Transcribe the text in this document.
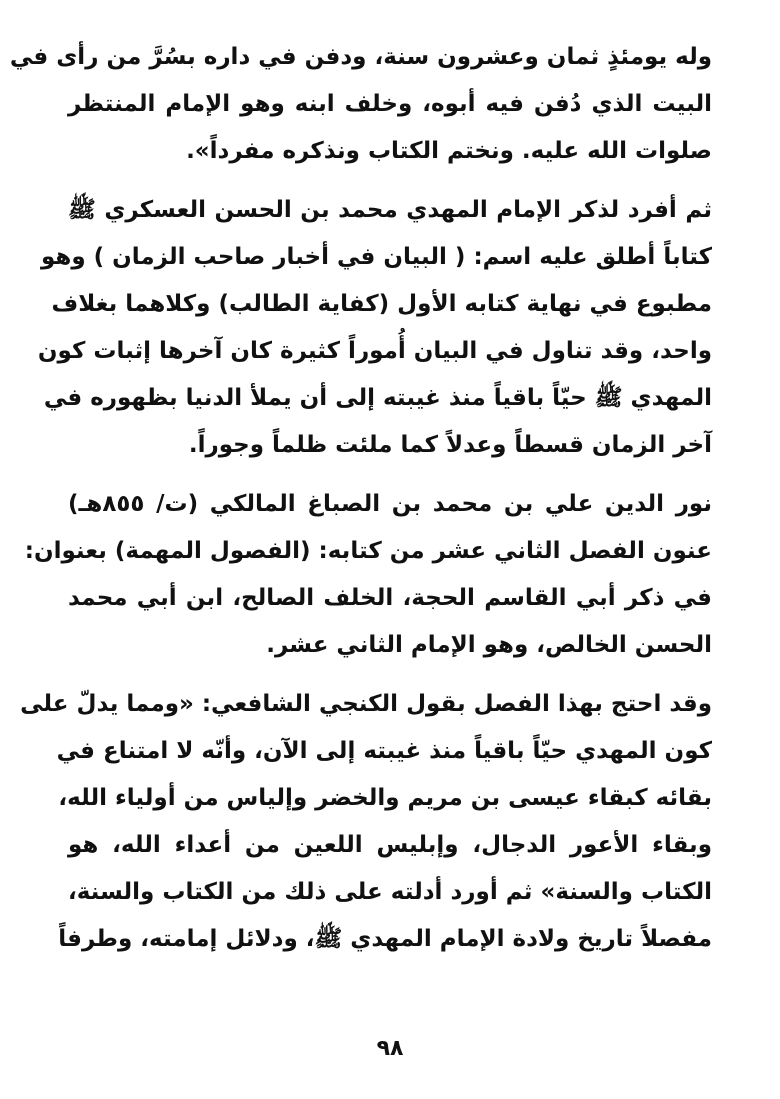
وله يومئذٍ ثمان وعشرون سنة، ودفن في داره بسُرَّ من رأى في
البيت الذي دُفن فيه أبوه، وخلف ابنه وهو الإمام المنتظر
صلوات الله عليه. ونختم الكتاب ونذكره مفرداً».

ثم أفرد لذكر الإمام المهدي محمد بن الحسن العسكري ﷺ
كتاباً أطلق عليه اسم: ( البيان في أخبار صاحب الزمان ) وهو
مطبوع في نهاية كتابه الأول (كفاية الطالب) وكلاهما بغلاف
واحد، وقد تناول في البيان أُموراً كثيرة كان آخرها إثبات كون
المهدي ﷺ حيّاً باقياً منذ غيبته إلى أن يملأ الدنيا بظهوره في
آخر الزمان قسطاً وعدلاً كما ملئت ظلماً وجوراً.

نور الدين علي بن محمد بن الصباغ المالكي (ت/ ٨٥٥هـ)
عنون الفصل الثاني عشر من كتابه: (الفصول المهمة) بعنوان:
في ذكر أبي القاسم الحجة، الخلف الصالح، ابن أبي محمد
الحسن الخالص، وهو الإمام الثاني عشر.

وقد احتج بهذا الفصل بقول الكنجي الشافعي: «ومما يدلّ على
كون المهدي حيّاً باقياً منذ غيبته إلى الآن، وأنّه لا امتناع في
بقائه كبقاء عيسى بن مريم والخضر وإلياس من أولياء الله،
وبقاء الأعور الدجال، وإبليس اللعين من أعداء الله، هو
الكتاب والسنة» ثم أورد أدلته على ذلك من الكتاب والسنة،
مفصلاً تاريخ ولادة الإمام المهدي ﷺ، ودلائل إمامته، وطرفاً

٩٨
